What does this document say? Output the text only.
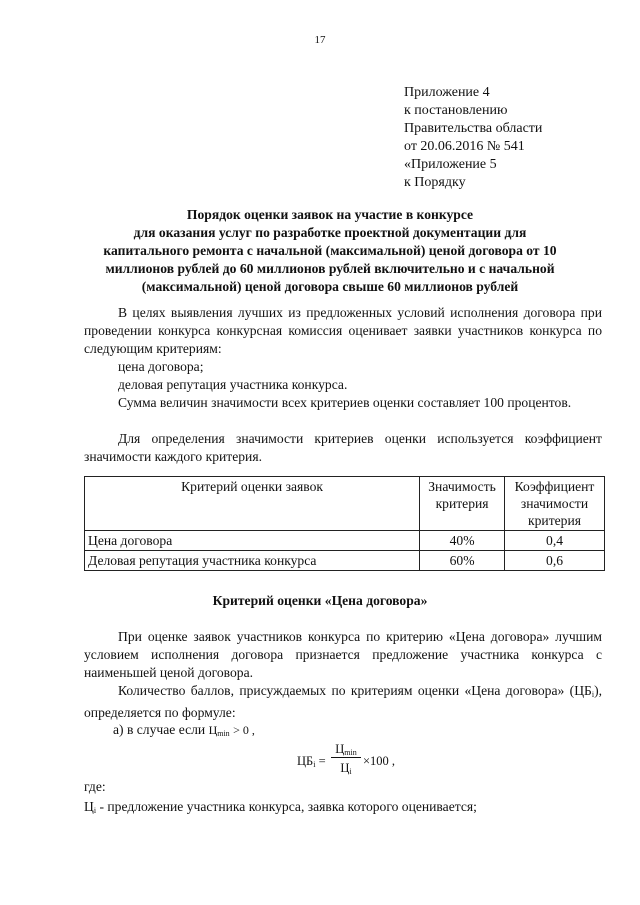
17
Приложение 4
к постановлению
Правительства области
от 20.06.2016 № 541
«Приложение 5
к Порядку
Порядок оценки заявок на участие в конкурсе
для оказания услуг по разработке проектной документации для
капитального ремонта с начальной (максимальной) ценой договора от 10
миллионов рублей до 60 миллионов рублей включительно и с начальной
(максимальной) ценой договора свыше 60 миллионов рублей
В целях выявления лучших из предложенных условий исполнения договора при проведении конкурса конкурсная комиссия оценивает заявки участников конкурса по следующим критериям:
цена договора;
деловая репутация участника конкурса.
Сумма величин значимости всех критериев оценки составляет 100 процентов.
Для определения значимости критериев оценки используется коэффициент значимости каждого критерия.
Критерий оценки заявок	Значимость критерия	Коэффициент значимости критерия
Цена договора	40%	0,4
Деловая репутация участника конкурса	60%	0,6
Критерий оценки «Цена договора»
При оценке заявок участников конкурса по критерию «Цена договора» лучшим условием исполнения договора признается предложение участника конкурса с наименьшей ценой договора.
Количество баллов, присуждаемых по критериям оценки «Цена договора» (ЦБi), определяется по формуле:
а) в случае если Цmin > 0 ,
ЦБi =
Цmin
Цi
×100 ,
где:
Цi - предложение участника конкурса, заявка которого оценивается;
